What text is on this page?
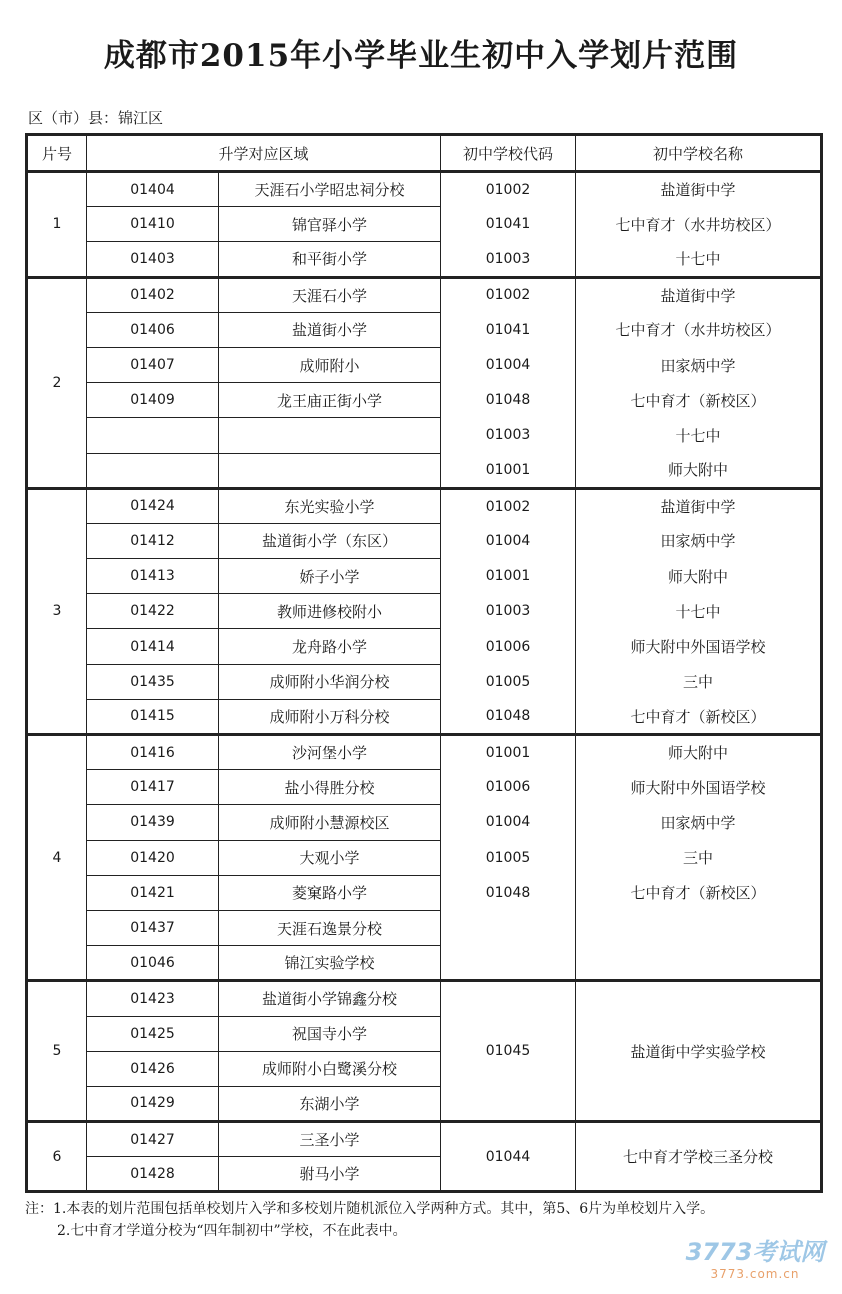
成都市2015年小学毕业生初中入学划片范围
区（市）县：锦江区
片号	升学对应区域		初中学校代码	初中学校名称
1	01404	天涯石小学昭忠祠分校	01002	盐道街中学
	01410	锦官驿小学	01041	七中育才（水井坊校区）
	01403	和平街小学	01003	十七中
2	01402	天涯石小学	01002	盐道街中学
	01406	盐道街小学	01041	七中育才（水井坊校区）
	01407	成师附小	01004	田家炳中学
	01409	龙王庙正街小学	01048	七中育才（新校区）
			01003	十七中
			01001	师大附中
3	01424	东光实验小学	01002	盐道街中学
	01412	盐道街小学（东区）	01004	田家炳中学
	01413	娇子小学	01001	师大附中
	01422	教师进修校附小	01003	十七中
	01414	龙舟路小学	01006	师大附中外国语学校
	01435	成师附小华润分校	01005	三中
	01415	成师附小万科分校	01048	七中育才（新校区）
4	01416	沙河堡小学	01001	师大附中
	01417	盐小得胜分校	01006	师大附中外国语学校
	01439	成师附小慧源校区	01004	田家炳中学
	01420	大观小学	01005	三中
	01421	菱窠路小学	01048	七中育才（新校区）
	01437	天涯石逸景分校		
	01046	锦江实验学校		
5	01423	盐道街小学锦鑫分校	01045	盐道街中学实验学校
	01425	祝国寺小学		
	01426	成师附小白鹭溪分校		
	01429	东湖小学		
6	01427	三圣小学	01044	七中育才学校三圣分校
	01428	驸马小学		
注：1.本表的划片范围包括单校划片入学和多校划片随机派位入学两种方式。其中，第5、6片为单校划片入学。
2.七中育才学道分校为“四年制初中”学校，不在此表中。
3773考试网
3773.com.cn
